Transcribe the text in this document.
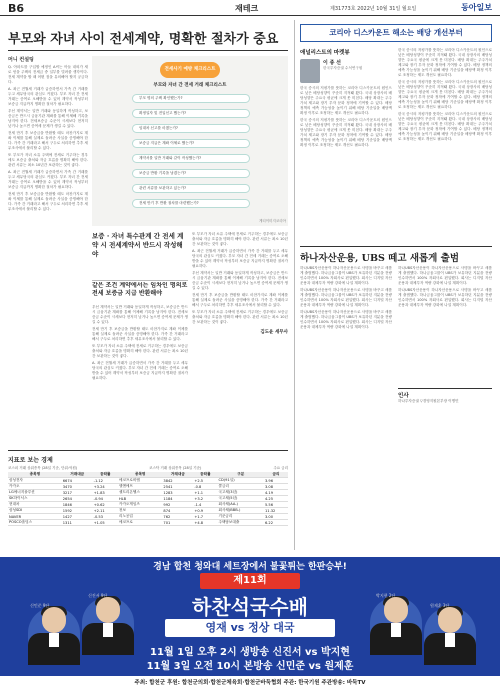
B6	재테크	제31773호 2022년 10월 31일 월요일	동아일보
부모와 자녀 사이 전세계약, 명확한 절차가 중요
머니 컨설팅
Q. 아파트를 구입할 예정인 A씨는 아들 내외가 새로 얻을 주택의 전세금 중 일부를 빌려줄 생각이다. 전세 계약을 할 때 어떤 점을 유의해야 할지 궁금하다.
A. 최근 전월세 거래가 급증하면서 가족 간 거래를 두고 세무당국의 관심도 커졌다. 부모 자녀 간 전세 거래는 증여로 오해받을 수 있어 계약서 작성부터 보증금 지급까지 명확한 절차가 필요하다.
우선 계약서는 일반 거래와 동일하게 작성하고, 보증금은 반드시 금융기관 계좌를 통해 이체해 기록을 남겨야 한다. 전세보증금 수준이 시세보다 현저히 낮거나 높으면 증여세 문제가 생길 수 있다.
전세 만기 후 보증금을 반환할 때도 마찬가지로 계좌 이체를 통해 실제로 돌려준 사실을 증빙해야 한다. 가족 간 거래라고 해서 구두로 처리하면 추후 세무조사에서 불리할 수 있다.
또 부모가 자녀 소유 주택에 전세로 거주하는 경우에도 보증금 출처와 자금 흐름을 명확히 해야 한다. 관련 서류는 최소 10년간 보관하는 것이 좋다.
A. 최근 전월세 거래가 급증하면서 가족 간 거래를 두고 세무당국의 관심도 커졌다. 부모 자녀 간 전세 거래는 증여로 오해받을 수 있어 계약서 작성부터 보증금 지급까지 명확한 절차가 필요하다.
전세 만기 후 보증금을 반환할 때도 마찬가지로 계좌 이체를 통해 실제로 돌려준 사실을 증빙해야 한다. 가족 간 거래라고 해서 구두로 처리하면 추후 세무조사에서 불리할 수 있다.
전세사기 예방 체크리스트
부모와 자녀 간 전세 거래 체크리스트
부모 명의 주택 확인했는가?
확정일자 및 전입신고 했는가?
임대차 신고를 마쳤는가?
보증금 지급은 계좌 이체로 했는가?
계약서를 일반 거래와 같이 작성했는가?
보증금 반환 기록을 남겼는가?
관련 서류를 보관하고 있는가?
전세 만기 후 반환 절차를 마련했는가?
게티이미지코리아
보증 · 자녀 특수관계 간 전세 계약 시 전세계약서 반드시 작성해야
같은 조건 계약에서는 임차인 명의로 전세 보증금 지급 반환해야
우선 계약서는 일반 거래와 동일하게 작성하고, 보증금은 반드시 금융기관 계좌를 통해 이체해 기록을 남겨야 한다. 전세보증금 수준이 시세보다 현저히 낮거나 높으면 증여세 문제가 생길 수 있다.
전세 만기 후 보증금을 반환할 때도 마찬가지로 계좌 이체를 통해 실제로 돌려준 사실을 증빙해야 한다. 가족 간 거래라고 해서 구두로 처리하면 추후 세무조사에서 불리할 수 있다.
또 부모가 자녀 소유 주택에 전세로 거주하는 경우에도 보증금 출처와 자금 흐름을 명확히 해야 한다. 관련 서류는 최소 10년간 보관하는 것이 좋다.
A. 최근 전월세 거래가 급증하면서 가족 간 거래를 두고 세무당국의 관심도 커졌다. 부모 자녀 간 전세 거래는 증여로 오해받을 수 있어 계약서 작성부터 보증금 지급까지 명확한 절차가 필요하다.
또 부모가 자녀 소유 주택에 전세로 거주하는 경우에도 보증금 출처와 자금 흐름을 명확히 해야 한다. 관련 서류는 최소 10년간 보관하는 것이 좋다.
A. 최근 전월세 거래가 급증하면서 가족 간 거래를 두고 세무당국의 관심도 커졌다. 부모 자녀 간 전세 거래는 증여로 오해받을 수 있어 계약서 작성부터 보증금 지급까지 명확한 절차가 필요하다.
우선 계약서는 일반 거래와 동일하게 작성하고, 보증금은 반드시 금융기관 계좌를 통해 이체해 기록을 남겨야 한다. 전세보증금 수준이 시세보다 현저히 낮거나 높으면 증여세 문제가 생길 수 있다.
전세 만기 후 보증금을 반환할 때도 마찬가지로 계좌 이체를 통해 실제로 돌려준 사실을 증빙해야 한다. 가족 간 거래라고 해서 구두로 처리하면 추후 세무조사에서 불리할 수 있다.
또 부모가 자녀 소유 주택에 전세로 거주하는 경우에도 보증금 출처와 자금 흐름을 명확히 해야 한다. 관련 서류는 최소 10년간 보관하는 것이 좋다.
김도윤 세무사
코리아 디스카운트 해소는 배당 개선부터
애널리스트의 마켓뷰
이 종 선
한국투자증권 수석연구원
한국 증시의 저평가를 뜻하는 코리아 디스카운트의 원인으로 낮은 배당성향이 꾸준히 지적돼 왔다. 국내 상장사의 배당성향은 주요국 평균에 크게 못 미친다. 배당 확대는 주주가치 제고와 장기 투자 문화 정착에 기여할 수 있다. 배당 정책의 예측 가능성을 높이기 위해 배당 기준일을 배당액 확정 이후로 조정하는 제도 개선도 필요하다.
한국 증시의 저평가를 뜻하는 코리아 디스카운트의 원인으로 낮은 배당성향이 꾸준히 지적돼 왔다. 국내 상장사의 배당성향은 주요국 평균에 크게 못 미친다. 배당 확대는 주주가치 제고와 장기 투자 문화 정착에 기여할 수 있다. 배당 정책의 예측 가능성을 높이기 위해 배당 기준일을 배당액 확정 이후로 조정하는 제도 개선도 필요하다.
한국 증시의 저평가를 뜻하는 코리아 디스카운트의 원인으로 낮은 배당성향이 꾸준히 지적돼 왔다. 국내 상장사의 배당성향은 주요국 평균에 크게 못 미친다. 배당 확대는 주주가치 제고와 장기 투자 문화 정착에 기여할 수 있다. 배당 정책의 예측 가능성을 높이기 위해 배당 기준일을 배당액 확정 이후로 조정하는 제도 개선도 필요하다.
한국 증시의 저평가를 뜻하는 코리아 디스카운트의 원인으로 낮은 배당성향이 꾸준히 지적돼 왔다. 국내 상장사의 배당성향은 주요국 평균에 크게 못 미친다. 배당 확대는 주주가치 제고와 장기 투자 문화 정착에 기여할 수 있다. 배당 정책의 예측 가능성을 높이기 위해 배당 기준일을 배당액 확정 이후로 조정하는 제도 개선도 필요하다.
한국 증시의 저평가를 뜻하는 코리아 디스카운트의 원인으로 낮은 배당성향이 꾸준히 지적돼 왔다. 국내 상장사의 배당성향은 주요국 평균에 크게 못 미친다. 배당 확대는 주주가치 제고와 장기 투자 문화 정착에 기여할 수 있다. 배당 정책의 예측 가능성을 높이기 위해 배당 기준일을 배당액 확정 이후로 조정하는 제도 개선도 필요하다.
하나자산운용, UBS 떼고 새롭게 출범
하나UBS자산운용이 하나자산운용으로 사명을 바꾸고 새롭게 출범했다. 하나금융그룹이 UBS가 보유하던 지분을 전량 인수하면서 100% 자회사로 편입했다. 회사는 디지털 자산운용과 대체투자 역량 강화에 나설 계획이다.
하나UBS자산운용이 하나자산운용으로 사명을 바꾸고 새롭게 출범했다. 하나금융그룹이 UBS가 보유하던 지분을 전량 인수하면서 100% 자회사로 편입했다. 회사는 디지털 자산운용과 대체투자 역량 강화에 나설 계획이다.
하나UBS자산운용이 하나자산운용으로 사명을 바꾸고 새롭게 출범했다. 하나금융그룹이 UBS가 보유하던 지분을 전량 인수하면서 100% 자회사로 편입했다. 회사는 디지털 자산운용과 대체투자 역량 강화에 나설 계획이다.
하나UBS자산운용이 하나자산운용으로 사명을 바꾸고 새롭게 출범했다. 하나금융그룹이 UBS가 보유하던 지분을 전량 인수하면서 100% 자회사로 편입했다. 회사는 디지털 자산운용과 대체투자 역량 강화에 나설 계획이다.
하나UBS자산운용이 하나자산운용으로 사명을 바꾸고 새롭게 출범했다. 하나금융그룹이 UBS가 보유하던 지분을 전량 인수하면서 100% 자회사로 편입했다. 회사는 디지털 자산운용과 대체투자 역량 강화에 나설 계획이다.
인사
하나투자증권 ▽경영지원본부장 이병민
지표로 보는 경제
코스피 거래 상위종목 (28일 기준, 단위:억원)	코스닥 거래 상위종목 (28일 기준)	주요 금리
종목명	거래대금	등락률	종목명	거래대금	등락률	구분	금리
삼성전자	6674	-1.12	에코프로비엠	3842	+2.5	CD(91일)	3.96
카카오	3470	+3.24	엘앤에프	2541	-0.8	콜금리	3.08
LG에너지솔루션	3217	+1.83	셀트리온헬스	1283	+1.1	국고채(3년)	4.19
SK하이닉스	2654	-0.94	HLB	1184	+3.2	국고채(5년)	4.25
현대차	1846	+0.62	카카오게임즈	992	-1.4	회사채(AA-)	5.56
삼성SDI	1592	+2.11	천보	874	+0.9	회사채(BBB-)	11.32
NAVER	1427	-0.53	리노공업	762	+1.7	기준금리	3.00
POSCO홀딩스	1311	+1.05	에코프로	701	+4.8	주택담보대출	6.22
경남 합천 청와대 세트장에서 불꽃튀는 한판승부!
제11회
하찬석국수배
영재 vs 정상 대국
신민준 9단
신진서 9단	박지현 2단
원제훈 3단
11월 1일 오후 2시 생방송 신진서 vs 박지현
11월 3일 오전 10시 본방송 신민준 vs 원제훈
주최: 합천군 후원: 합천군의회·합천군체육회·합천군바둑협회 주관: 한국기원 주관방송: 바둑TV
